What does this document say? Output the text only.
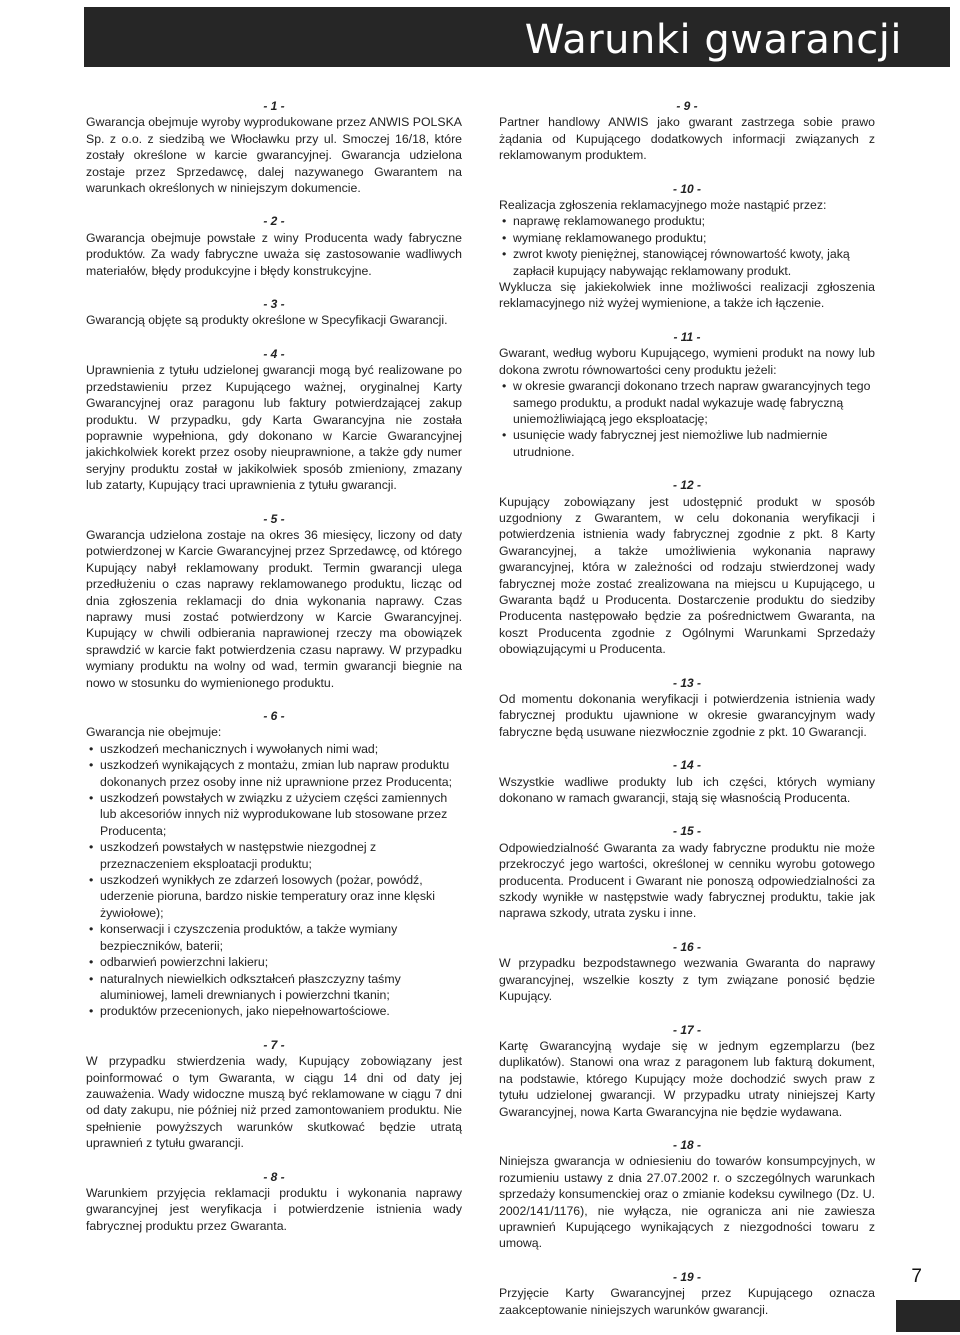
Warunki gwarancji
- 1 -

Gwarancja obejmuje wyroby wyprodukowane przez ANWIS POLSKA Sp. z o.o. z siedzibą we Włocławku przy ul. Smoczej 16/18, które zostały określone w karcie gwarancyjnej. Gwarancja udzielona zostaje przez Sprzedawcę, dalej nazywanego Gwarantem na warunkach określonych w niniejszym dokumencie.

- 2 -

Gwarancja obejmuje powstałe z winy Producenta wady fabryczne produktów. Za wady fabryczne uważa się zastosowanie wadliwych materiałów, błędy produkcyjne i błędy konstrukcyjne.

- 3 -

Gwarancją objęte są produkty określone w Specyfikacji Gwarancji.

- 4 -

Uprawnienia z tytułu udzielonej gwarancji mogą być realizowane po przedstawieniu przez Kupującego ważnej, oryginalnej Karty Gwarancyjnej oraz paragonu lub faktury potwierdzającej zakup produktu. W przypadku, gdy Karta Gwarancyjna nie została poprawnie wypełniona, gdy dokonano w Karcie Gwarancyjnej jakichkolwiek korekt przez osoby nieuprawnione, a także gdy numer seryjny produktu został w jakikolwiek sposób zmieniony, zmazany lub zatarty, Kupujący traci uprawnienia z tytułu gwarancji.

- 5 -

Gwarancja udzielona zostaje na okres 36 miesięcy, liczony od daty potwierdzonej w Karcie Gwarancyjnej przez Sprzedawcę, od którego Kupujący nabył reklamowany produkt. Termin gwarancji ulega przedłużeniu o czas naprawy reklamowanego produktu, licząc od dnia zgłoszenia reklamacji do dnia wykonania naprawy. Czas naprawy musi zostać potwierdzony w Karcie Gwarancyjnej. Kupujący w chwili odbierania naprawionej rzeczy ma obowiązek sprawdzić w karcie fakt potwierdzenia czasu naprawy. W przypadku wymiany produktu na wolny od wad, termin gwarancji biegnie na nowo w stosunku do wymienionego produktu.

- 6 -

Gwarancja nie obejmuje:

• uszkodzeń mechanicznych i wywołanych nimi wad;
• uszkodzeń wynikających z montażu, zmian lub napraw produktu dokonanych przez osoby inne niż uprawnione przez Producenta;
• uszkodzeń powstałych w związku z użyciem części zamiennych lub akcesoriów innych niż wyprodukowane lub stosowane przez Producenta;
• uszkodzeń powstałych w następstwie niezgodnej z przeznaczeniem eksploatacji produktu;
• uszkodzeń wynikłych ze zdarzeń losowych (pożar, powódź, uderzenie pioruna, bardzo niskie temperatury oraz inne klęski żywiołowe);
• konserwacji i czyszczenia produktów, a także wymiany bezpieczników, baterii;
• odbarwień powierzchni lakieru;
• naturalnych niewielkich odkształceń płaszczyzny taśmy aluminiowej, lameli drewnianych i powierzchni tkanin;
• produktów przecenionych, jako niepełnowartościowe.
- 7 -

W przypadku stwierdzenia wady, Kupujący zobowiązany jest poinformować o tym Gwaranta, w ciągu 14 dni od daty jej zauważenia. Wady widoczne muszą być reklamowane w ciągu 7 dni od daty zakupu, nie później niż przed zamontowaniem produktu. Nie spełnienie powyższych warunków skutkować będzie utratą uprawnień z tytułu gwarancji.

- 8 -

Warunkiem przyjęcia reklamacji produktu i wykonania naprawy gwarancyjnej jest weryfikacja i potwierdzenie istnienia wady fabrycznej produktu przez Gwaranta.

- 9 -

Partner handlowy ANWIS jako gwarant zastrzega sobie prawo żądania od Kupującego dodatkowych informacji związanych z reklamowanym produktem.

- 10 -

Realizacja zgłoszenia reklamacyjnego może nastąpić przez:

• naprawę reklamowanego produktu;
• wymianę reklamowanego produktu;
• zwrot kwoty pieniężnej, stanowiącej równowartość kwoty, jaką zapłacił kupujący nabywając reklamowany produkt.

Wyklucza się jakiekolwiek inne możliwości realizacji zgłoszenia reklamacyjnego niż wyżej wymienione, a także ich łączenie.

- 11 -

Gwarant, według wyboru Kupującego, wymieni produkt na nowy lub dokona zwrotu równowartości ceny produktu jeżeli:

• w okresie gwarancji dokonano trzech napraw gwarancyjnych tego samego produktu, a produkt nadal wykazuje wadę fabryczną uniemożliwiającą jego eksploatację;
• usunięcie wady fabrycznej jest niemożliwe lub nadmiernie utrudnione.
- 12 -

Kupujący zobowiązany jest udostępnić produkt w sposób uzgodniony z Gwarantem, w celu dokonania weryfikacji i potwierdzenia istnienia wady fabrycznej zgodnie z pkt. 8 Karty Gwarancyjnej, a także umożliwienia wykonania naprawy gwarancyjnej, która w zależności od rodzaju stwierdzonej wady fabrycznej może zostać zrealizowana na miejscu u Kupującego, u Gwaranta bądź u Producenta. Dostarczenie produktu do siedziby Producenta następowało będzie za pośrednictwem Gwaranta, na koszt Producenta zgodnie z Ogólnymi Warunkami Sprzedaży obowiązującymi u Producenta.

- 13 -

Od momentu dokonania weryfikacji i potwierdzenia istnienia wady fabrycznej produktu ujawnione w okresie gwarancyjnym wady fabryczne będą usuwane niezwłocznie zgodnie z pkt. 10 Gwarancji.

- 14 -

Wszystkie wadliwe produkty lub ich części, których wymiany dokonano w ramach gwarancji, stają się własnością Producenta.

- 15 -

Odpowiedzialność Gwaranta za wady fabryczne produktu nie może przekroczyć jego wartości, określonej w cenniku wyrobu gotowego producenta. Producent i Gwarant nie ponoszą odpowiedzialności za szkody wynikłe w następstwie wady fabrycznej produktu, takie jak naprawa szkody, utrata zysku i inne.

- 16 -

W przypadku bezpodstawnego wezwania Gwaranta do naprawy gwarancyjnej, wszelkie koszty z tym związane ponosić będzie Kupujący.

- 17 -

Kartę Gwarancyjną wydaje się w jednym egzemplarzu (bez duplikatów). Stanowi ona wraz z paragonem lub fakturą dokument, na podstawie, którego Kupujący może dochodzić swych praw z tytułu udzielonej gwarancji. W przypadku utraty niniejszej Karty Gwarancyjnej, nowa Karta Gwarancyjna nie będzie wydawana.

- 18 -

Niniejsza gwarancja w odniesieniu do towarów konsumpcyjnych, w rozumieniu ustawy z dnia 27.07.2002 r. o szczególnych warunkach sprzedaży konsumenckiej oraz o zmianie kodeksu cywilnego (Dz. U. 2002/141/1176), nie wyłącza, nie ogranicza ani nie zawiesza uprawnień Kupującego wynikających z niezgodności towaru z umową.

- 19 -

Przyjęcie Karty Gwarancyjnej przez Kupującego oznacza zaakceptowanie niniejszych warunków gwarancji.

7
